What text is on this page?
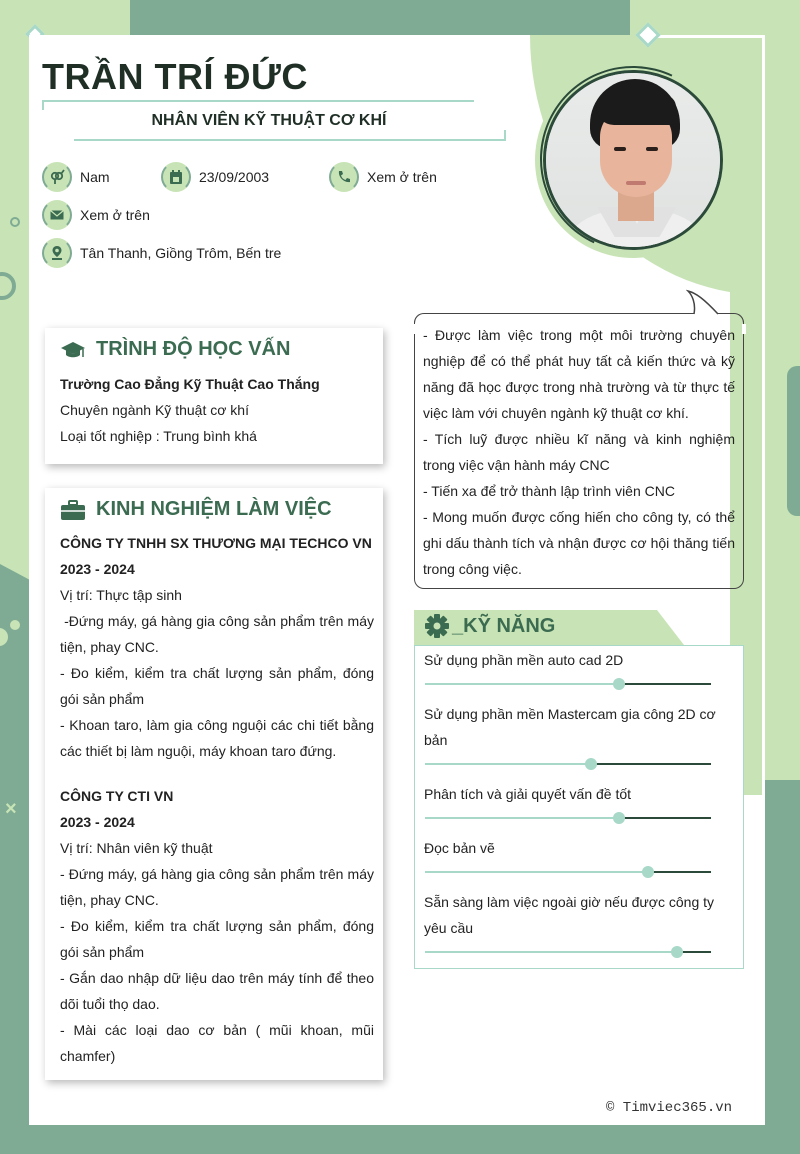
×
TRẦN TRÍ ĐỨC
NHÂN VIÊN KỸ THUẬT CƠ KHÍ
Nam	23/09/2003	Xem ở trên
Xem ở trên
Tân Thanh, Giồng Trôm, Bến tre
TRÌNH ĐỘ HỌC VẤN

Trường Cao Đẳng Kỹ Thuật Cao Thắng

Chuyên ngành Kỹ thuật cơ khí

Loại tốt nghiệp : Trung bình khá

KINH NGHIỆM LÀM VIỆC

CÔNG TY TNHH SX THƯƠNG MẠI TECHCO VN

2023 - 2024

Vị trí: Thực tập sinh

-Đứng máy, gá hàng gia công sản phẩm trên máy tiện, phay CNC.

- Đo kiểm, kiểm tra chất lượng sản phẩm, đóng gói sản phẩm

- Khoan taro, làm gia công nguội các chi tiết bằng các thiết bị làm nguội, máy khoan taro đứng.

CÔNG TY CTI VN

2023 - 2024

Vị trí: Nhân viên kỹ thuật

- Đứng máy, gá hàng gia công sản phẩm trên máy tiện, phay CNC.

- Đo kiểm, kiểm tra chất lượng sản phẩm, đóng gói sản phẩm

- Gắn dao nhập dữ liệu dao trên máy tính để theo dõi tuổi thọ dao.

- Mài các loại dao cơ bản ( mũi khoan, mũi chamfer)

- Được làm việc trong một môi trường chuyên nghiệp để có thể phát huy tất cả kiến thức và kỹ năng đã học được trong nhà trường và từ thực tế việc làm với chuyên ngành kỹ thuật cơ khí.

- Tích luỹ được nhiều kĩ năng và kinh nghiệm trong việc vận hành máy CNC

- Tiến xa để trở thành lập trình viên CNC

- Mong muốn được cống hiến cho công ty, có thể ghi dấu thành tích và nhận được cơ hội thăng tiến trong công việc.

_KỸ NĂNG
Sử dụng phần mền auto cad 2D
Sử dụng phần mền Mastercam gia công 2D cơ bản
Phân tích và giải quyết vấn đề tốt
Đọc bản vẽ
Sẵn sàng làm việc ngoài giờ nếu được công ty yêu cầu
© Timviec365.vn
